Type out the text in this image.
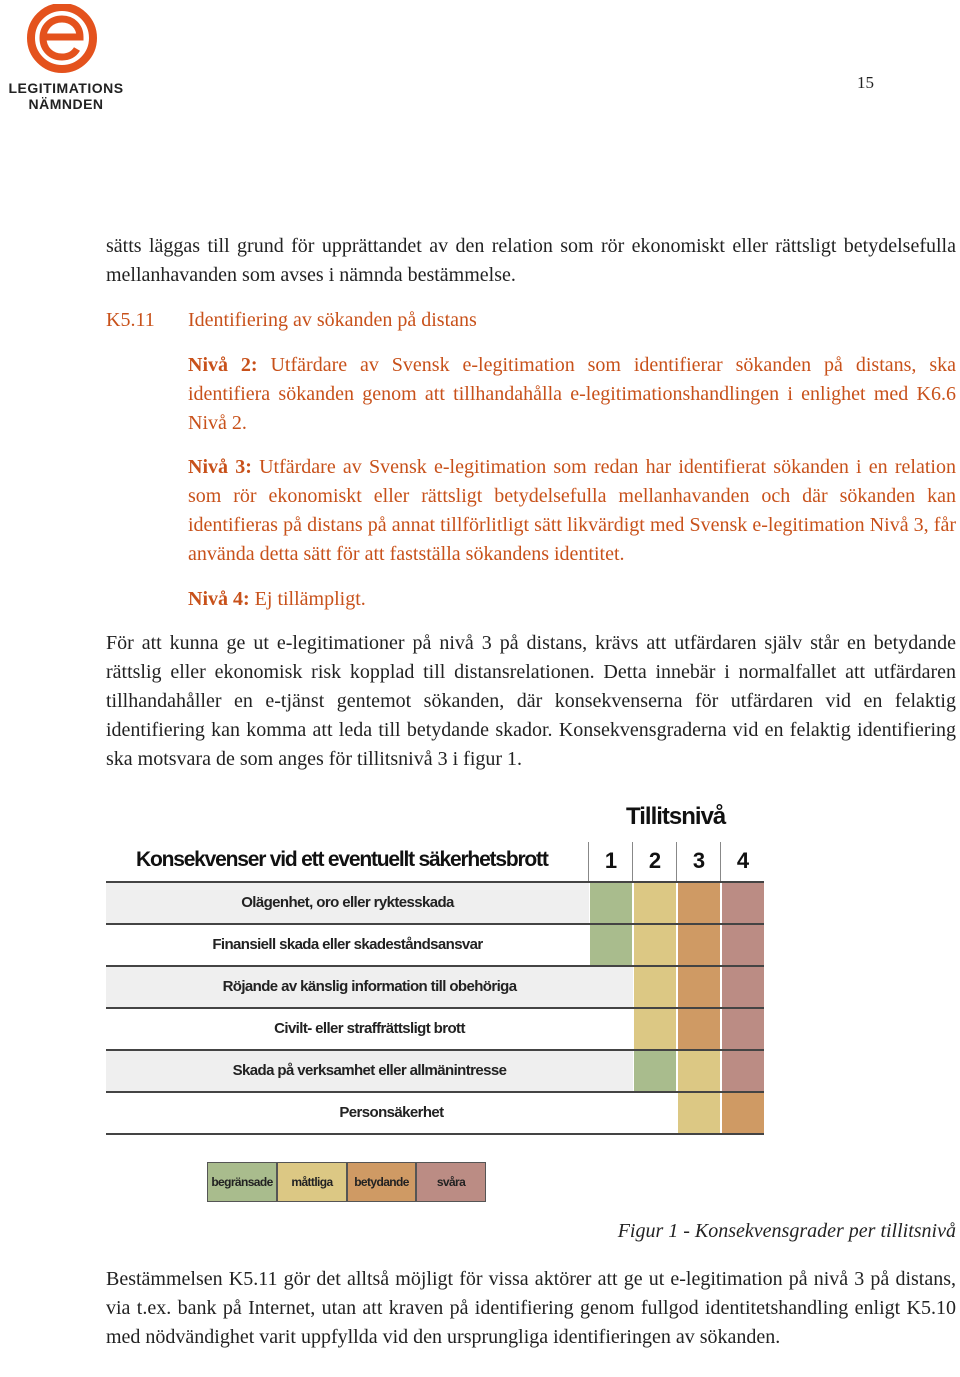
LEGITIMATIONS
NÄMNDEN
15
sätts läggas till grund för upprättandet av den relation som rör ekonomiskt eller rättsligt betydelsefulla mellanhavanden som avses i nämnda bestämmelse.
K5.11	Identifiering av sökanden på distans
Nivå 2: Utfärdare av Svensk e-legitimation som identifierar sökanden på distans, ska identifiera sökanden genom att tillhandahålla e-legitimationshandlingen i enlighet med K6.6 Nivå 2.
Nivå 3: Utfärdare av Svensk e-legitimation som redan har identifierat sökanden i en relation som rör ekonomiskt eller rättsligt betydelsefulla mellanhavanden och där sökanden kan identifieras på distans på annat tillförlitligt sätt likvärdigt med Svensk e-legitimation Nivå 3, får använda detta sätt för att fastställa sökandens identitet.
Nivå 4: Ej tillämpligt.
För att kunna ge ut e-legitimationer på nivå 3 på distans, krävs att utfärdaren själv står en betydande rättslig eller ekonomisk risk kopplad till distansrelationen. Detta innebär i normalfallet att utfärdaren tillhandahåller en e-tjänst gentemot sökanden, där konsekvenserna för utfärdaren vid en felaktig identifiering kan komma att leda till betydande skador. Konsekvensgraderna vid en felaktig identifiering ska motsvara de som anges för tillitsnivå 3 i figur 1.
Tillitsnivå
Konsekvenser vid ett eventuellt säkerhetsbrott	1	2	3	4
Olägenhet, oro eller ryktesskada
Finansiell skada eller skadeståndsansvar
Röjande av känslig information till obehöriga
Civilt- eller straffrättsligt brott
Skada på verksamhet eller allmänintresse
Personsäkerhet
begränsade	måttliga	betydande	svåra
Figur 1 - Konsekvensgrader per tillitsnivå
Bestämmelsen K5.11 gör det alltså möjligt för vissa aktörer att ge ut e-legitimation på nivå 3 på distans, via t.ex. bank på Internet, utan att kraven på identifiering genom fullgod identitetshandling enligt K5.10 med nödvändighet varit uppfyllda vid den ursprungliga identifieringen av sökanden.
